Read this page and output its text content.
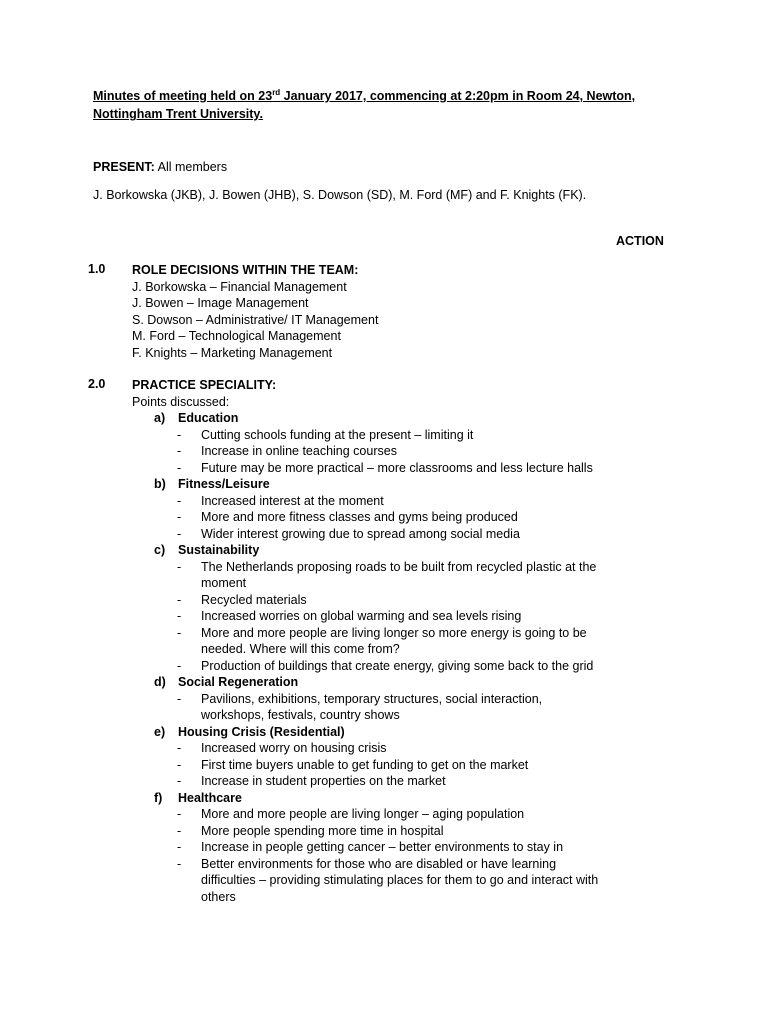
Minutes of meeting held on 23rd January 2017, commencing at 2:20pm in Room 24, Newton, Nottingham Trent University.
PRESENT: All members
J. Borkowska (JKB), J. Bowen (JHB), S. Dowson (SD), M. Ford (MF) and F. Knights (FK).
ACTION
1.0 ROLE DECISIONS WITHIN THE TEAM:
J. Borkowska – Financial Management
J. Bowen – Image Management
S. Dowson – Administrative/ IT Management
M. Ford – Technological Management
F. Knights – Marketing Management
2.0 PRACTICE SPECIALITY:
Points discussed:
a) Education
- Cutting schools funding at the present – limiting it
- Increase in online teaching courses
- Future may be more practical – more classrooms and less lecture halls
b) Fitness/Leisure
- Increased interest at the moment
- More and more fitness classes and gyms being produced
- Wider interest growing due to spread among social media
c) Sustainability
- The Netherlands proposing roads to be built from recycled plastic at the moment
- Recycled materials
- Increased worries on global warming and sea levels rising
- More and more people are living longer so more energy is going to be needed. Where will this come from?
- Production of buildings that create energy, giving some back to the grid
d) Social Regeneration
- Pavilions, exhibitions, temporary structures, social interaction, workshops, festivals, country shows
e) Housing Crisis (Residential)
- Increased worry on housing crisis
- First time buyers unable to get funding to get on the market
- Increase in student properties on the market
f) Healthcare
- More and more people are living longer – aging population
- More people spending more time in hospital
- Increase in people getting cancer – better environments to stay in
- Better environments for those who are disabled or have learning difficulties – providing stimulating places for them to go and interact with others
